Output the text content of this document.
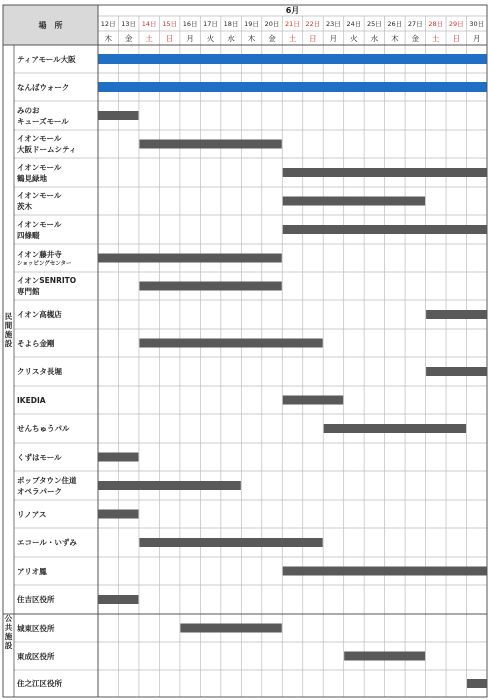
場　所
6月
12日
木
13日
金
14日
土
15日
日
16日
月
17日
火
18日
水
19日
木
20日
金
21日
土
22日
日
23日
月
24日
火
25日
水
26日
木
27日
金
28日
土
29日
日
30日
月
ティアモール大阪
なんばウォーク
みのお
キューズモール
イオンモール
大阪ドームシティ
イオンモール
鶴見緑地
イオンモール
茨木
イオンモール
四條畷
イオン藤井寺
ショッピングセンター
イオンSENRITO
専門館
イオン高槻店
そよら金剛
クリスタ長堀
IKEDIA
せんちゅうパル
くずはモール
ポップタウン住道
オペラパーク
リノアス
エコール・いずみ
アリオ鳳
住吉区役所
城東区役所
東成区役所
住之江区役所
民間施設
公共施設
